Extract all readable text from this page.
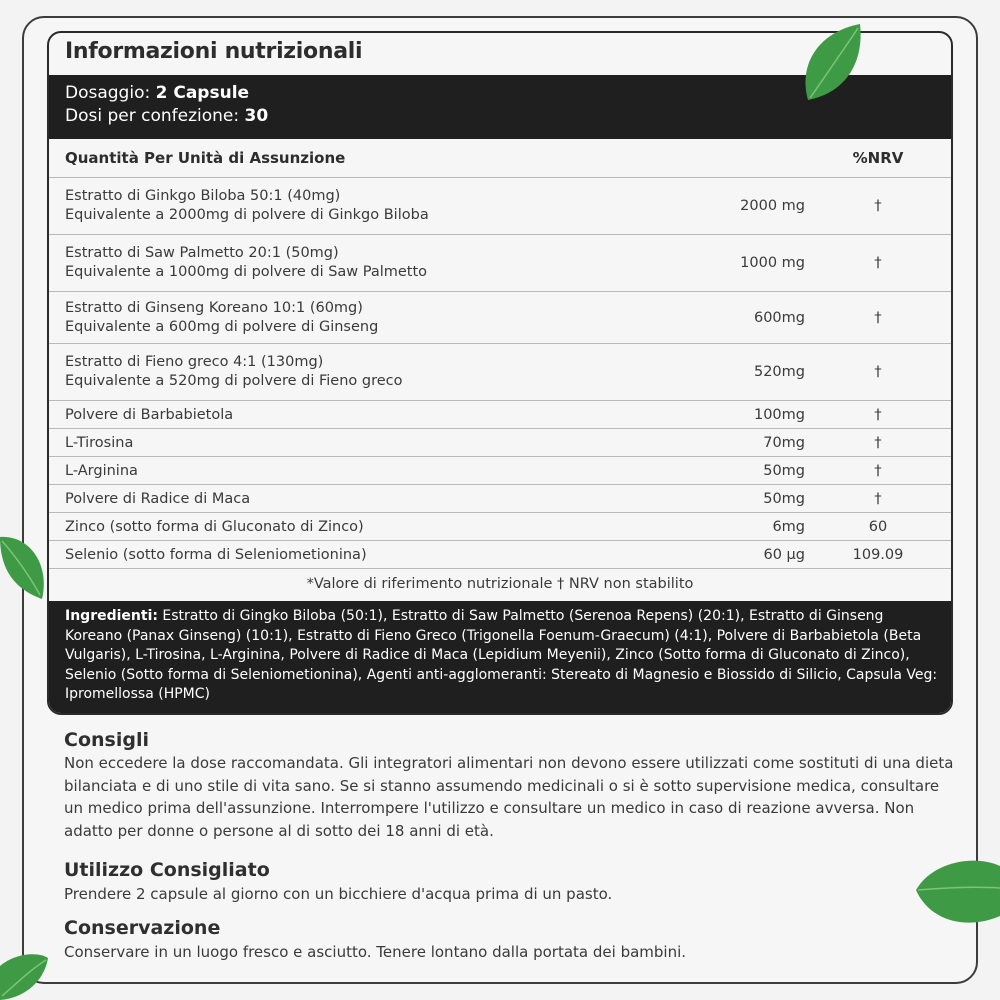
Informazioni nutrizionali
Dosaggio: 2 Capsule
Dosi per confezione: 30
Quantità Per Unità di Assunzione		%NRV

Estratto di Ginkgo Biloba 50:1 (40mg)
Equivalente a 2000mg di polvere di Ginkgo Biloba	2000 mg	†

Estratto di Saw Palmetto 20:1 (50mg)
Equivalente a 1000mg di polvere di Saw Palmetto	1000 mg	†

Estratto di Ginseng Koreano 10:1 (60mg)
Equivalente a 600mg di polvere di Ginseng	600mg	†

Estratto di Fieno greco 4:1 (130mg)
Equivalente a 520mg di polvere di Fieno greco	520mg	†
Polvere di Barbabietola	100mg	†
L-Tirosina	70mg	†
L-Arginina	50mg	†
Polvere di Radice di Maca	50mg	†
Zinco (sotto forma di Gluconato di Zinco)	6mg	60
Selenio (sotto forma di Seleniometionina)	60 µg	109.09
*Valore di riferimento nutrizionale † NRV non stabilito
Ingredienti: Estratto di Gingko Biloba (50:1), Estratto di Saw Palmetto (Serenoa Repens) (20:1), Estratto di Ginseng Koreano (Panax Ginseng) (10:1), Estratto di Fieno Greco (Trigonella Foenum-Graecum) (4:1), Polvere di Barbabietola (Beta Vulgaris), L-Tirosina, L-Arginina, Polvere di Radice di Maca (Lepidium Meyenii), Zinco (Sotto forma di Gluconato di Zinco), Selenio (Sotto forma di Seleniometionina), Agenti anti-agglomeranti: Stereato di Magnesio e Biossido di Silicio, Capsula Veg: Ipromellossa (HPMC)
Consigli
Non eccedere la dose raccomandata. Gli integratori alimentari non devono essere utilizzati come sostituti di una dieta bilanciata e di uno stile di vita sano. Se si stanno assumendo medicinali o si è sotto supervisione medica, consultare un medico prima dell'assunzione. Interrompere l'utilizzo e consultare un medico in caso di reazione avversa. Non adatto per donne o persone al di sotto dei 18 anni di età.
Utilizzo Consigliato
Prendere 2 capsule al giorno con un bicchiere d'acqua prima di un pasto.
Conservazione
Conservare in un luogo fresco e asciutto. Tenere lontano dalla portata dei bambini.
